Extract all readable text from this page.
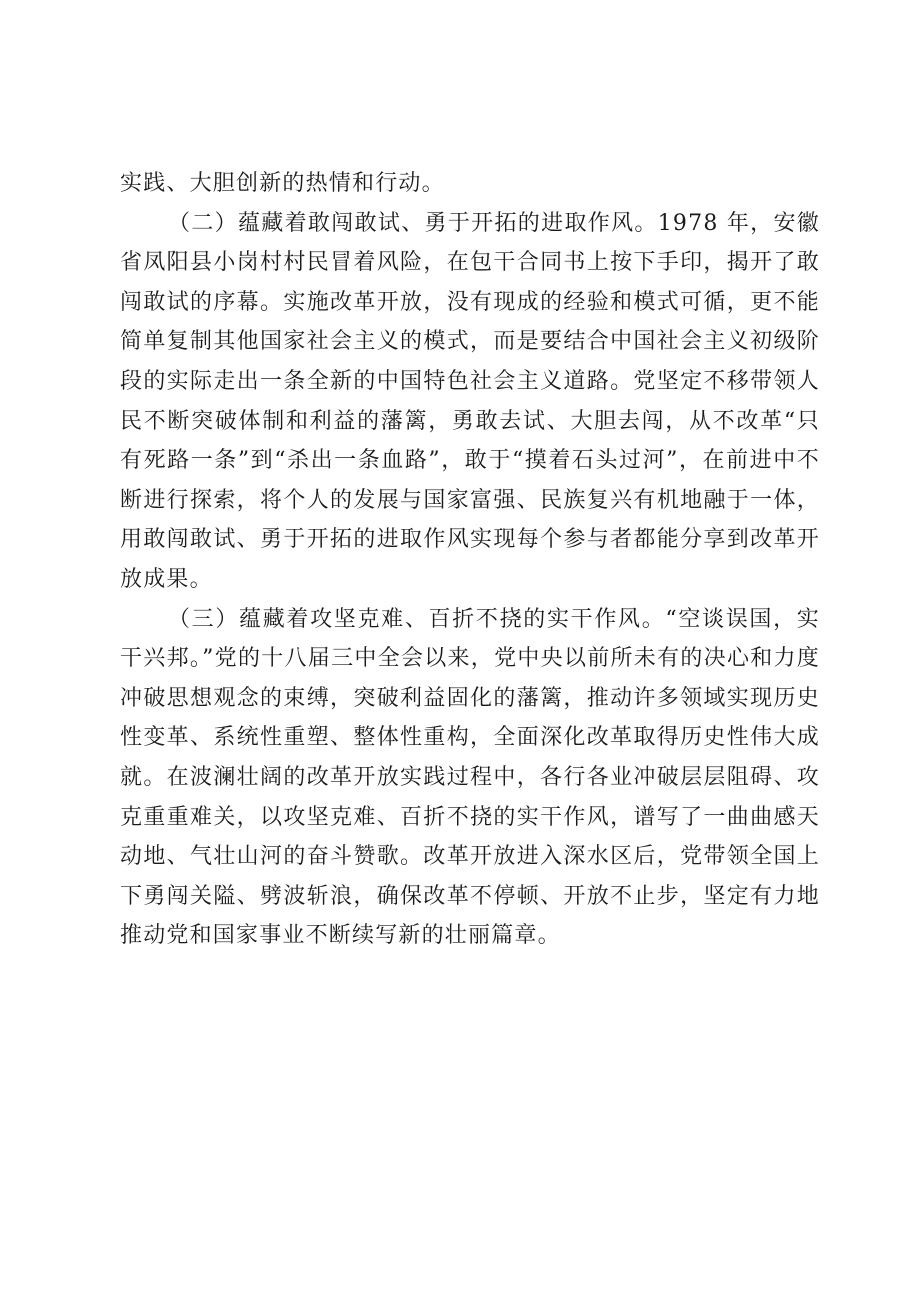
实践、大胆创新的热情和行动。

（二）蕴藏着敢闯敢试、勇于开拓的进取作风。1978 年，安徽省凤阳县小岗村村民冒着风险，在包干合同书上按下手印，揭开了敢闯敢试的序幕。实施改革开放，没有现成的经验和模式可循，更不能简单复制其他国家社会主义的模式，而是要结合中国社会主义初级阶段的实际走出一条全新的中国特色社会主义道路。党坚定不移带领人民不断突破体制和利益的藩篱，勇敢去试、大胆去闯，从不改革“只有死路一条”到“杀出一条血路”，敢于“摸着石头过河”，在前进中不断进行探索，将个人的发展与国家富强、民族复兴有机地融于一体，用敢闯敢试、勇于开拓的进取作风实现每个参与者都能分享到改革开放成果。

（三）蕴藏着攻坚克难、百折不挠的实干作风。“空谈误国，实干兴邦。”党的十八届三中全会以来，党中央以前所未有的决心和力度冲破思想观念的束缚，突破利益固化的藩篱，推动许多领域实现历史性变革、系统性重塑、整体性重构，全面深化改革取得历史性伟大成就。在波澜壮阔的改革开放实践过程中，各行各业冲破层层阻碍、攻克重重难关，以攻坚克难、百折不挠的实干作风，谱写了一曲曲感天动地、气壮山河的奋斗赞歌。改革开放进入深水区后，党带领全国上下勇闯关隘、劈波斩浪，确保改革不停顿、开放不止步，坚定有力地推动党和国家事业不断续写新的壮丽篇章。
